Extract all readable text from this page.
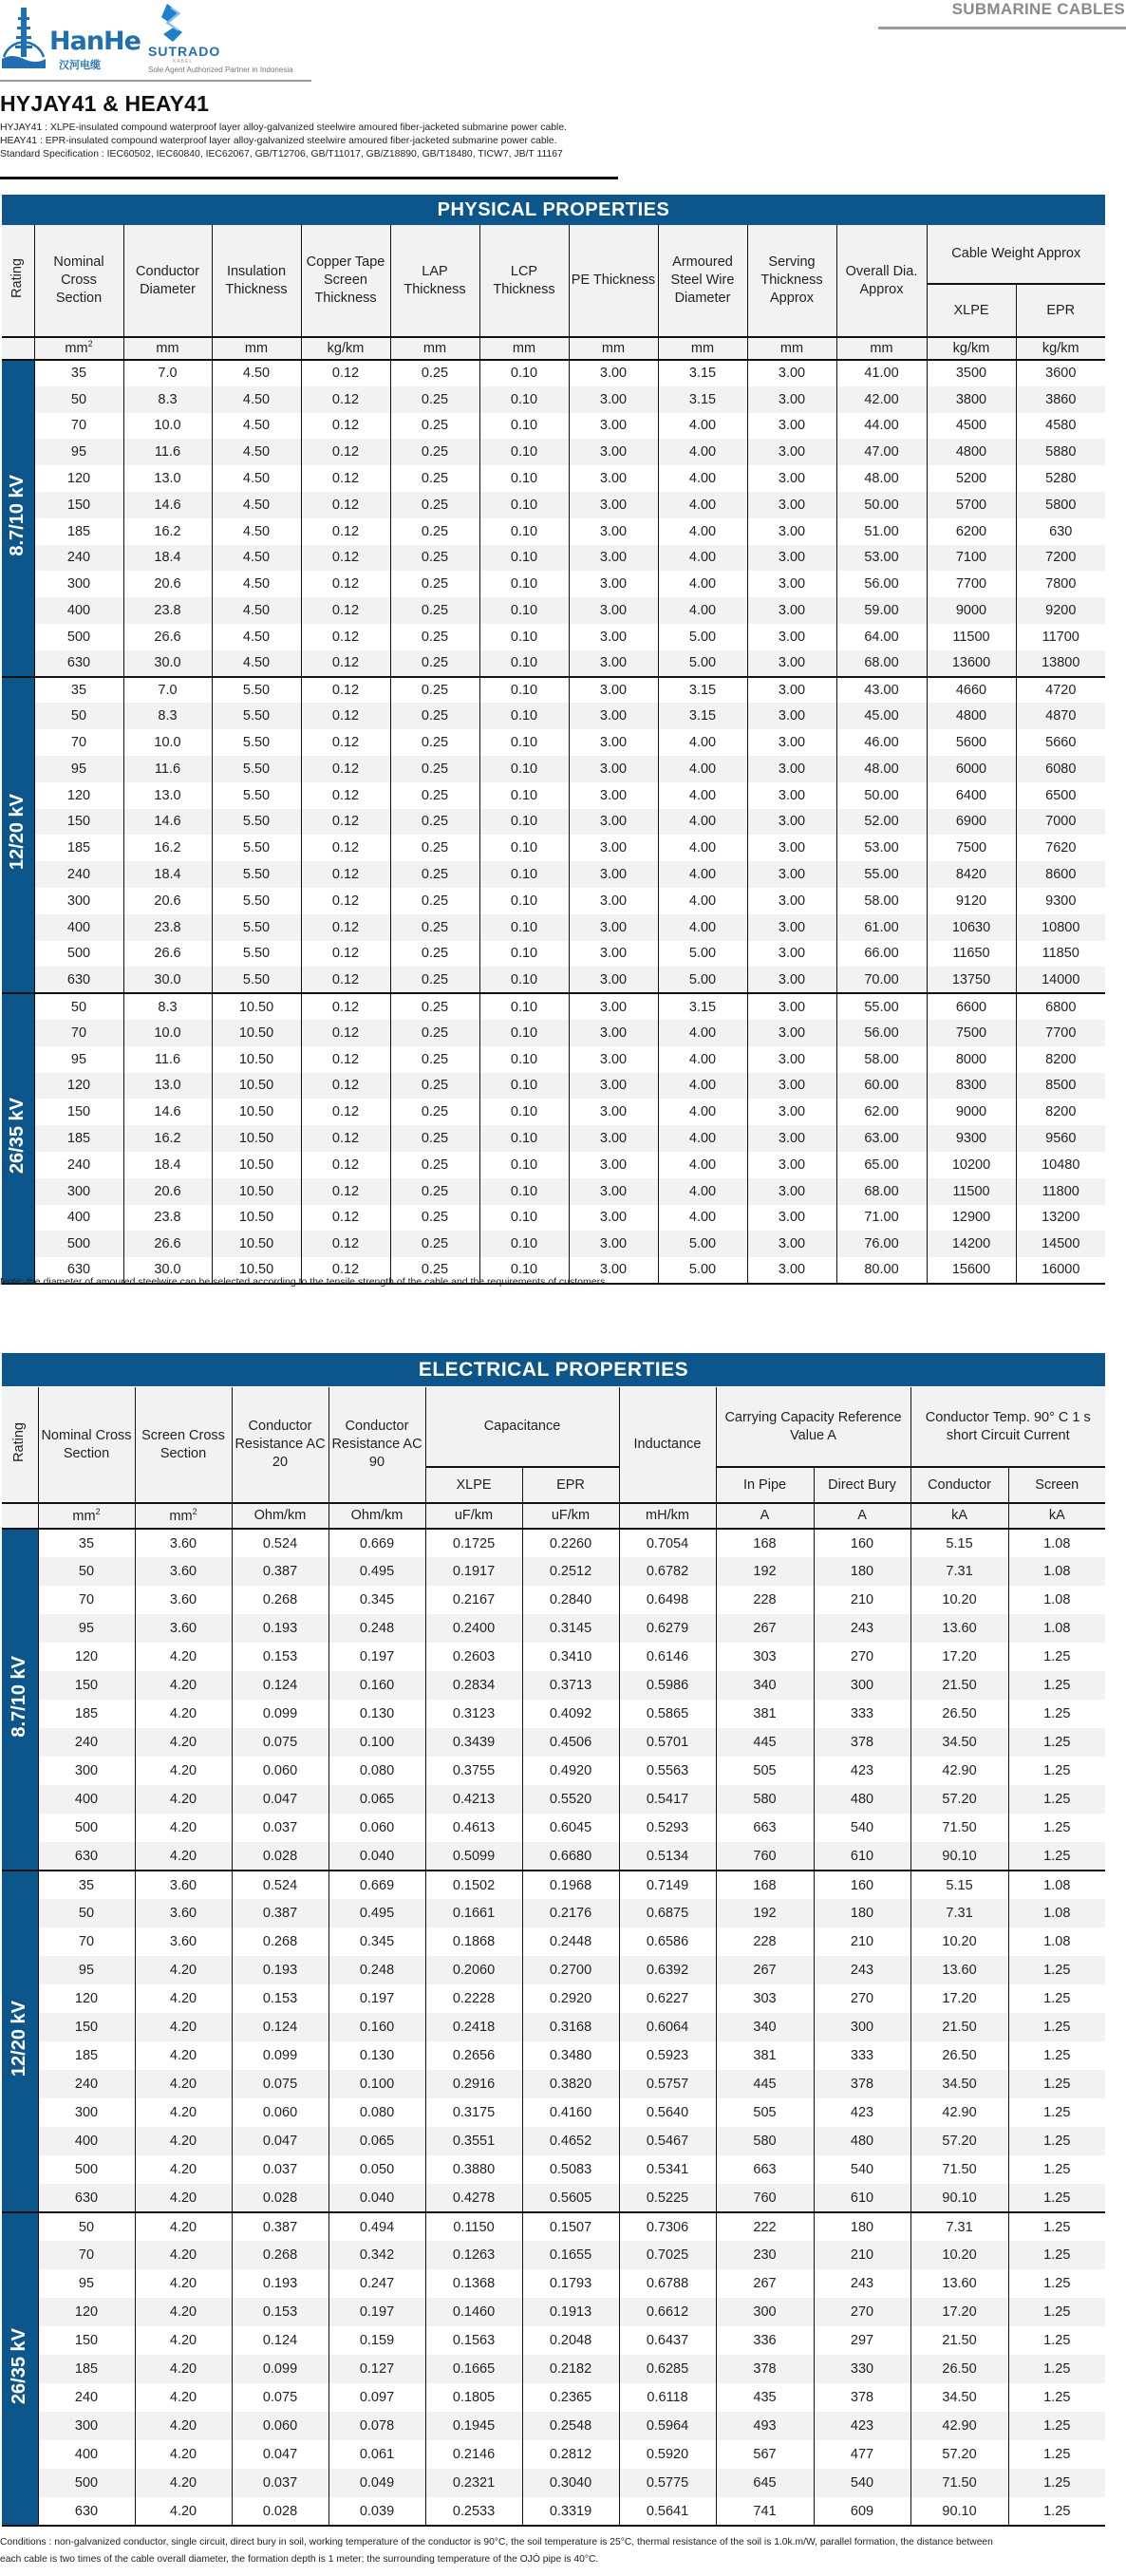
HanHe
汉河电缆
SUTRADO
KABEL
Sole Agent Authorized Partner in Indonesia
SUBMARINE CABLES
HYJAY41 & HEAY41
HYJAY41 : XLPE-insulated compound waterproof layer alloy-galvanized steelwire amoured fiber-jacketed submarine power cable.
HEAY41 : EPR-insulated compound waterproof layer alloy-galvanized steelwire amoured fiber-jacketed submarine power cable.
Standard Specification : IEC60502, IEC60840, IEC62067, GB/T12706, GB/T11017, GB/Z18890, GB/T18480, TICW7, JB/T 11167
PHYSICAL PROPERTIES
Rating	Nominal Cross Section	Conductor Diameter	Insulation Thickness	Copper Tape Screen Thickness	LAP Thickness	LCP Thickness	PE Thickness	Armoured Steel Wire Diameter	Serving Thickness Approx	Overall Dia. Approx	Cable Weight Approx	
											XLPE	EPR
	$mm^2$	mm	mm	kg/km	mm	mm	mm	mm	mm	mm	kg/km	kg/km
8.7/10 kV	35	7.0	4.50	0.12	0.25	0.10	3.00	3.15	3.00	41.00	3500	3600
	50	8.3	4.50	0.12	0.25	0.10	3.00	3.15	3.00	42.00	3800	3860
	70	10.0	4.50	0.12	0.25	0.10	3.00	4.00	3.00	44.00	4500	4580
	95	11.6	4.50	0.12	0.25	0.10	3.00	4.00	3.00	47.00	4800	5880
	120	13.0	4.50	0.12	0.25	0.10	3.00	4.00	3.00	48.00	5200	5280
	150	14.6	4.50	0.12	0.25	0.10	3.00	4.00	3.00	50.00	5700	5800
	185	16.2	4.50	0.12	0.25	0.10	3.00	4.00	3.00	51.00	6200	630
	240	18.4	4.50	0.12	0.25	0.10	3.00	4.00	3.00	53.00	7100	7200
	300	20.6	4.50	0.12	0.25	0.10	3.00	4.00	3.00	56.00	7700	7800
	400	23.8	4.50	0.12	0.25	0.10	3.00	4.00	3.00	59.00	9000	9200
	500	26.6	4.50	0.12	0.25	0.10	3.00	5.00	3.00	64.00	11500	11700
	630	30.0	4.50	0.12	0.25	0.10	3.00	5.00	3.00	68.00	13600	13800
12/20 kV	35	7.0	5.50	0.12	0.25	0.10	3.00	3.15	3.00	43.00	4660	4720
	50	8.3	5.50	0.12	0.25	0.10	3.00	3.15	3.00	45.00	4800	4870
	70	10.0	5.50	0.12	0.25	0.10	3.00	4.00	3.00	46.00	5600	5660
	95	11.6	5.50	0.12	0.25	0.10	3.00	4.00	3.00	48.00	6000	6080
	120	13.0	5.50	0.12	0.25	0.10	3.00	4.00	3.00	50.00	6400	6500
	150	14.6	5.50	0.12	0.25	0.10	3.00	4.00	3.00	52.00	6900	7000
	185	16.2	5.50	0.12	0.25	0.10	3.00	4.00	3.00	53.00	7500	7620
	240	18.4	5.50	0.12	0.25	0.10	3.00	4.00	3.00	55.00	8420	8600
	300	20.6	5.50	0.12	0.25	0.10	3.00	4.00	3.00	58.00	9120	9300
	400	23.8	5.50	0.12	0.25	0.10	3.00	4.00	3.00	61.00	10630	10800
	500	26.6	5.50	0.12	0.25	0.10	3.00	5.00	3.00	66.00	11650	11850
	630	30.0	5.50	0.12	0.25	0.10	3.00	5.00	3.00	70.00	13750	14000
26/35 kV	50	8.3	10.50	0.12	0.25	0.10	3.00	3.15	3.00	55.00	6600	6800
	70	10.0	10.50	0.12	0.25	0.10	3.00	4.00	3.00	56.00	7500	7700
	95	11.6	10.50	0.12	0.25	0.10	3.00	4.00	3.00	58.00	8000	8200
	120	13.0	10.50	0.12	0.25	0.10	3.00	4.00	3.00	60.00	8300	8500
	150	14.6	10.50	0.12	0.25	0.10	3.00	4.00	3.00	62.00	9000	8200
	185	16.2	10.50	0.12	0.25	0.10	3.00	4.00	3.00	63.00	9300	9560
	240	18.4	10.50	0.12	0.25	0.10	3.00	4.00	3.00	65.00	10200	10480
	300	20.6	10.50	0.12	0.25	0.10	3.00	4.00	3.00	68.00	11500	11800
	400	23.8	10.50	0.12	0.25	0.10	3.00	4.00	3.00	71.00	12900	13200
	500	26.6	10.50	0.12	0.25	0.10	3.00	5.00	3.00	76.00	14200	14500
	630	30.0	10.50	0.12	0.25	0.10	3.00	5.00	3.00	80.00	15600	16000
Note: the diameter of amoured steelwire can be selected according to the tensile strength of the cable and the requirements of customers.
ELECTRICAL PROPERTIES
Rating	Nominal Cross Section	Screen Cross Section	Conductor Resistance AC 20	Conductor Resistance AC 90	Capacitance		Inductance	Carrying Capacity Reference Value A		Conductor Temp. 90° C 1 s short Circuit Current	
					XLPE	EPR		In Pipe	Direct Bury	Conductor	Screen
	$mm^2$	$mm^2$	Ohm/km	Ohm/km	uF/km	uF/km	mH/km	A	A	kA	kA
8.7/10 kV	35	3.60	0.524	0.669	0.1725	0.2260	0.7054	168	160	5.15	1.08
	50	3.60	0.387	0.495	0.1917	0.2512	0.6782	192	180	7.31	1.08
	70	3.60	0.268	0.345	0.2167	0.2840	0.6498	228	210	10.20	1.08
	95	3.60	0.193	0.248	0.2400	0.3145	0.6279	267	243	13.60	1.08
	120	4.20	0.153	0.197	0.2603	0.3410	0.6146	303	270	17.20	1.25
	150	4.20	0.124	0.160	0.2834	0.3713	0.5986	340	300	21.50	1.25
	185	4.20	0.099	0.130	0.3123	0.4092	0.5865	381	333	26.50	1.25
	240	4.20	0.075	0.100	0.3439	0.4506	0.5701	445	378	34.50	1.25
	300	4.20	0.060	0.080	0.3755	0.4920	0.5563	505	423	42.90	1.25
	400	4.20	0.047	0.065	0.4213	0.5520	0.5417	580	480	57.20	1.25
	500	4.20	0.037	0.060	0.4613	0.6045	0.5293	663	540	71.50	1.25
	630	4.20	0.028	0.040	0.5099	0.6680	0.5134	760	610	90.10	1.25
12/20 kV	35	3.60	0.524	0.669	0.1502	0.1968	0.7149	168	160	5.15	1.08
	50	3.60	0.387	0.495	0.1661	0.2176	0.6875	192	180	7.31	1.08
	70	3.60	0.268	0.345	0.1868	0.2448	0.6586	228	210	10.20	1.08
	95	4.20	0.193	0.248	0.2060	0.2700	0.6392	267	243	13.60	1.25
	120	4.20	0.153	0.197	0.2228	0.2920	0.6227	303	270	17.20	1.25
	150	4.20	0.124	0.160	0.2418	0.3168	0.6064	340	300	21.50	1.25
	185	4.20	0.099	0.130	0.2656	0.3480	0.5923	381	333	26.50	1.25
	240	4.20	0.075	0.100	0.2916	0.3820	0.5757	445	378	34.50	1.25
	300	4.20	0.060	0.080	0.3175	0.4160	0.5640	505	423	42.90	1.25
	400	4.20	0.047	0.065	0.3551	0.4652	0.5467	580	480	57.20	1.25
	500	4.20	0.037	0.050	0.3880	0.5083	0.5341	663	540	71.50	1.25
	630	4.20	0.028	0.040	0.4278	0.5605	0.5225	760	610	90.10	1.25
26/35 kV	50	4.20	0.387	0.494	0.1150	0.1507	0.7306	222	180	7.31	1.25
	70	4.20	0.268	0.342	0.1263	0.1655	0.7025	230	210	10.20	1.25
	95	4.20	0.193	0.247	0.1368	0.1793	0.6788	267	243	13.60	1.25
	120	4.20	0.153	0.197	0.1460	0.1913	0.6612	300	270	17.20	1.25
	150	4.20	0.124	0.159	0.1563	0.2048	0.6437	336	297	21.50	1.25
	185	4.20	0.099	0.127	0.1665	0.2182	0.6285	378	330	26.50	1.25
	240	4.20	0.075	0.097	0.1805	0.2365	0.6118	435	378	34.50	1.25
	300	4.20	0.060	0.078	0.1945	0.2548	0.5964	493	423	42.90	1.25
	400	4.20	0.047	0.061	0.2146	0.2812	0.5920	567	477	57.20	1.25
	500	4.20	0.037	0.049	0.2321	0.3040	0.5775	645	540	71.50	1.25
	630	4.20	0.028	0.039	0.2533	0.3319	0.5641	741	609	90.10	1.25
Conditions : non-galvanized conductor, single circuit, direct bury in soil, working temperature of the conductor is 90°C, the soil temperature is 25°C, thermal resistance of the soil is 1.0k.m/W, parallel formation, the distance between
each cable is two times of the cable overall diameter, the formation depth is 1 meter; the surrounding temperature of the OJÓ pipe is 40°C.
